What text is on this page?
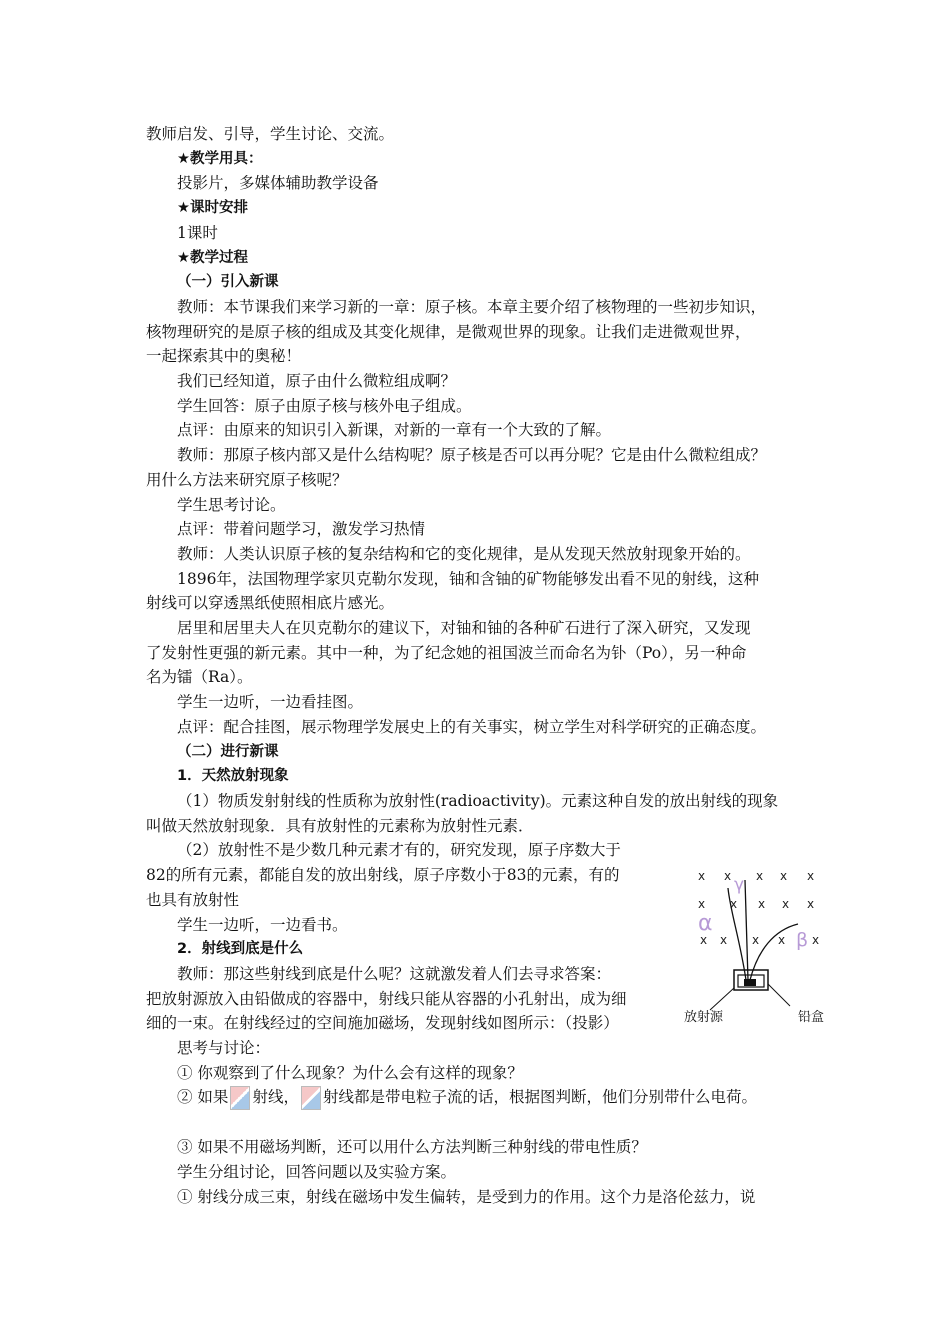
教师启发、引导，学生讨论、交流。
★教学用具：
投影片，多媒体辅助教学设备
★课时安排
1课时
★教学过程
（一）引入新课
教师：本节课我们来学习新的一章：原子核。本章主要介绍了核物理的一些初步知识，
核物理研究的是原子核的组成及其变化规律，是微观世界的现象。让我们走进微观世界，
一起探索其中的奥秘！
我们已经知道，原子由什么微粒组成啊？
学生回答：原子由原子核与核外电子组成。
点评：由原来的知识引入新课，对新的一章有一个大致的了解。
教师：那原子核内部又是什么结构呢？原子核是否可以再分呢？它是由什么微粒组成？
用什么方法来研究原子核呢？
学生思考讨论。
点评：带着问题学习，激发学习热情
教师：人类认识原子核的复杂结构和它的变化规律，是从发现天然放射现象开始的。
1896年，法国物理学家贝克勒尔发现，铀和含铀的矿物能够发出看不见的射线，这种
射线可以穿透黑纸使照相底片感光。
居里和居里夫人在贝克勒尔的建议下，对铀和铀的各种矿石进行了深入研究，又发现
了发射性更强的新元素。其中一种，为了纪念她的祖国波兰而命名为钋（Po），另一种命
名为镭（Ra）。
学生一边听，一边看挂图。
点评：配合挂图，展示物理学发展史上的有关事实，树立学生对科学研究的正确态度。
（二）进行新课
1．天然放射现象
（1）物质发射射线的性质称为放射性(radioactivity)。元素这种自发的放出射线的现象
叫做天然放射现象．具有放射性的元素称为放射性元素．
（2）放射性不是少数几种元素才有的，研究发现，原子序数大于
82的所有元素，都能自发的放出射线，原子序数小于83的元素，有的
也具有放射性
学生一边听，一边看书。
2．射线到底是什么
教师：那这些射线到底是什么呢？这就激发着人们去寻求答案：
把放射源放入由铅做成的容器中，射线只能从容器的小孔射出，成为细
细的一束。在射线经过的空间施加磁场，发现射线如图所示：（投影）
思考与讨论：
① 你观察到了什么现象？为什么会有这样的现象？
② 如果 射线， 射线都是带电粒子流的话，根据图判断，他们分别带什么电荷。
③ 如果不用磁场判断，还可以用什么方法判断三种射线的带电性质？
学生分组讨论，回答问题以及实验方案。
① 射线分成三束，射线在磁场中发生偏转，是受到力的作用。这个力是洛伦兹力，说
x x x x x
x x x x x
x x x x x
γ
α
β
放射源	铅盒
